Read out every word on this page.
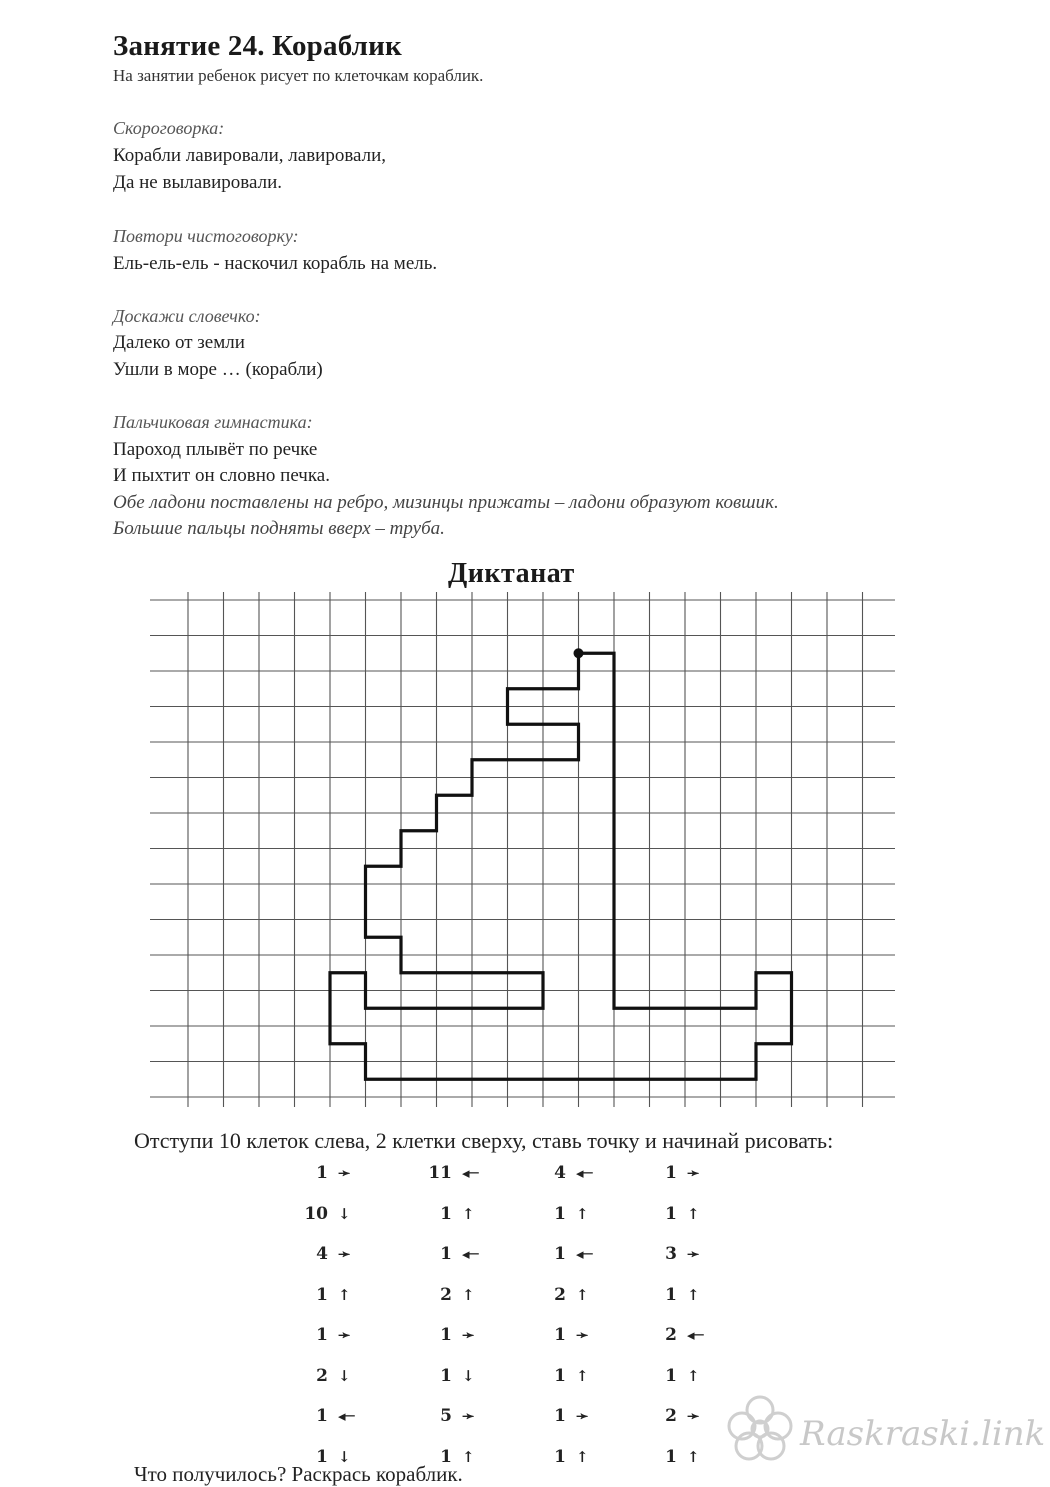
Занятие 24. Кораблик
На занятии ребенок рисует по клеточкам кораблик.
Скороговорка:
Корабли лавировали, лавировали,
Да не вылавировали.
Повтори чистоговорку:
Ель-ель-ель - наскочил корабль на мель.
Доскажи словечко:
Далеко от земли
Ушли в море … (корабли)
Пальчиковая гимнастика:
Пароход плывёт по речке
И пыхтит он словно печка.
Обе ладони поставлены на ребро, мизинцы прижаты – ладони образуют ковшик.
Большие пальцы подняты вверх – труба.
Диктанат
Отступи 10 клеток слева, 2 клетки сверху, ставь точку и начинай рисовать:
1 ➛
10 ↓
4 ➛
1 ↑
1 ➛
2 ↓
1 ◂─
1 ↓
11 ◂─
1 ↑
1 ◂─
2 ↑
1 ➛
1 ↓
5 ➛
1 ↑
4 ◂─
1 ↑
1 ◂─
2 ↑
1 ➛
1 ↑
1 ➛
1 ↑
1 ➛
1 ↑
3 ➛
1 ↑
2 ◂─
1 ↑
2 ➛
1 ↑
Что получилось? Раскрась кораблик.
Raskraski.link
